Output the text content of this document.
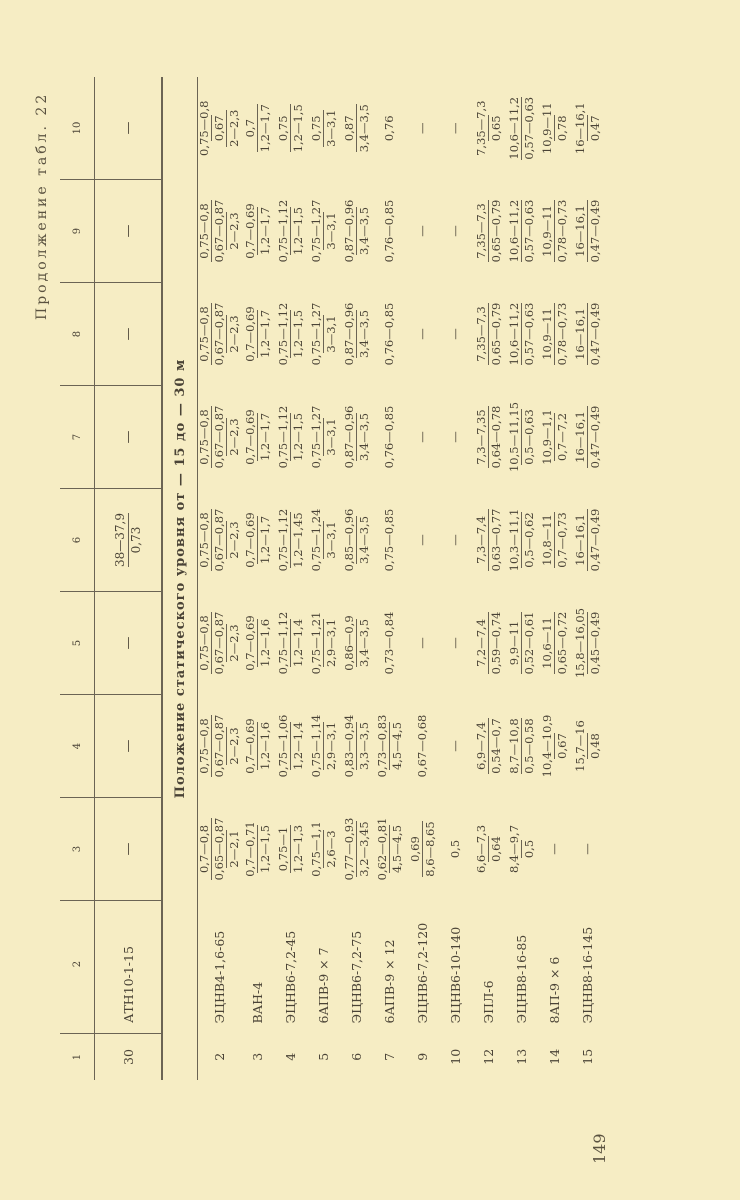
Продолжение табл. 22
1	2	3	4	5	6	7	8	9	10
30	АТН10-1-15	—	—	—	38—37,9 0,73	—	—	—	—
Положение статического уровня от — 15 до — 30 м									
2	ЭЦНВ4-1,6-65	0,7—0,8 0,65—0,87 2—2,1	0,75—0,8 0,67—0,87 2—2,3	0,75—0,8 0,67—0,87 2—2,3	0,75—0,8 0,67—0,87 2—2,3	0,75—0,8 0,67—0,87 2—2,3	0,75—0,8 0,67—0,87 2—2,3	0,75—0,8 0,67—0,87 2—2,3	0,75—0,8 0,67 2—2,3

3	ВАН-4	0,7—0,71 1,2—1,5	0,7—0,69 1,2—1,6	0,7—0,69 1,2—1,6	0,7—0,69 1,2—1,7	0,7—0,69 1,2—1,7	0,7—0,69 1,2—1,7	0,7—0,69 1,2—1,7	0,7 1,2—1,7

4	ЭЦНВ6-7,2-45	0,75—1 1,2—1,3	0,75—1,06 1,2—1,4	0,75—1,12 1,2—1,4	0,75—1,12 1,2—1,45	0,75—1,12 1,2—1,5	0,75—1,12 1,2—1,5	0,75—1,12 1,2—1,5	0,75 1,2—1,5

5	6АПВ-9 × 7	0,75—1,1 2,6—3	0,75—1,14 2,9—3,1	0,75—1,21 2,9—3,1	0,75—1,24 3—3,1	0,75—1,27 3—3,1	0,75—1,27 3—3,1	0,75—1,27 3—3,1	0,75 3—3,1

6	ЭЦНВ6-7,2-75	0,77—0,93 3,2—3,45	0,83—0,94 3,3—3,5	0,86—0,9 3,4—3,5	0,85—0,96 3,4—3,5	0,87—0,96 3,4—3,5	0,87—0,96 3,4—3,5	0,87—0,96 3,4—3,5	0,87 3,4—3,5

7	6АПВ-9 × 12	0,62—0,81 4,5—4,5	0,73—0,83 4,5—4,5	0,73—0,84	0,75—0,85	0,76—0,85	0,76—0,85	0,76—0,85	0,76

9	ЭЦНВ6-7,2-120	0,69 8,6—8,65	0,67—0,68	—	—	—	—	—	—

10	ЭЦНВ6-10-140	0,5	—	—	—	—	—	—	—

12	ЭПЛ-6	6,6—7,3 0,64	6,9—7,4 0,54—0,7	7,2—7,4 0,59—0,74	7,3—7,4 0,63—0,77	7,3—7,35 0,64—0,78	7,35—7,3 0,65—0,79	7,35—7,3 0,65—0,79	7,35—7,3 0,65

13	ЭЦНВ8-16-85	8,4—9,7 0,5	8,7—10,8 0,5—0,58	9,9—11 0,52—0,61	10,3—11,1 0,5—0,62	10,5—11,15 0,5—0,63	10,6—11,2 0,57—0,63	10,6—11,2 0,57—0,63	10,6—11,2 0,57—0,63

14	8АП-9 × 6	—	10,4—10,9 0,67	10,6—11 0,65—0,72	10,8—11 0,7—0,73	10,9—1,1 0,7—7,2	10,9—11 0,78—0,73	10,9—11 0,78—0,73	10,9—11 0,78

15	ЭЦНВ8-16-145	—	15,7—16 0,48	15,8—16,05 0,45—0,49	16—16,1 0,47—0,49	16—16,1 0,47—0,49	16—16,1 0,47—0,49	16—16,1 0,47—0,49	16—16,1 0,47
149
